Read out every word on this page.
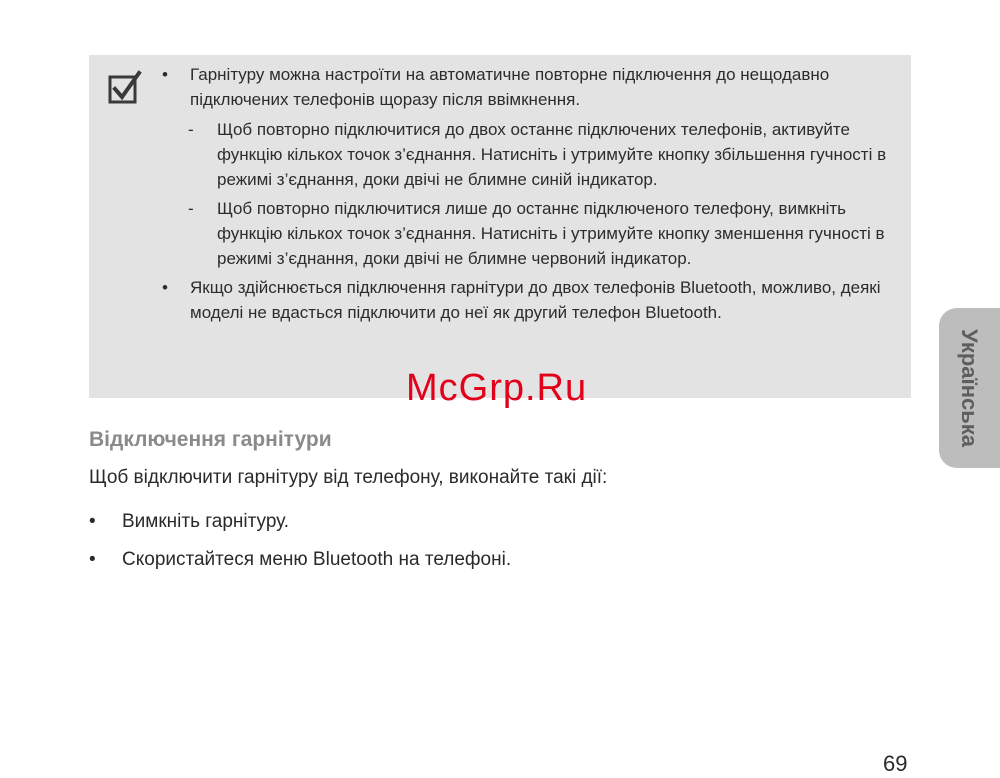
• Гарнітуру можна настроїти на автоматичне повторне підключення до нещодавно підключених телефонів щоразу після ввімкнення.
- Щоб повторно підключитися до двох останнє підключених телефонів, активуйте функцію кількох точок з’єднання. Натисніть і утримуйте кнопку збільшення гучності в режимі з’єднання, доки двічі не блимне синій індикатор.
- Щоб повторно підключитися лише до останнє підключеного телефону, вимкніть функцію кількох точок з’єднання. Натисніть і утримуйте кнопку зменшення гучності в режимі з’єднання, доки двічі не блимне червоний індикатор.
• Якщо здійснюється підключення гарнітури до двох телефонів Bluetooth, можливо, деякі моделі не вдасться підключити до неї як другий телефон Bluetooth.
McGrp.Ru
Відключення гарнітури
Щоб відключити гарнітуру від телефону, виконайте такі дії:
• Вимкніть гарнітуру.
• Скористайтеся меню Bluetooth на телефоні.
Українська
69
